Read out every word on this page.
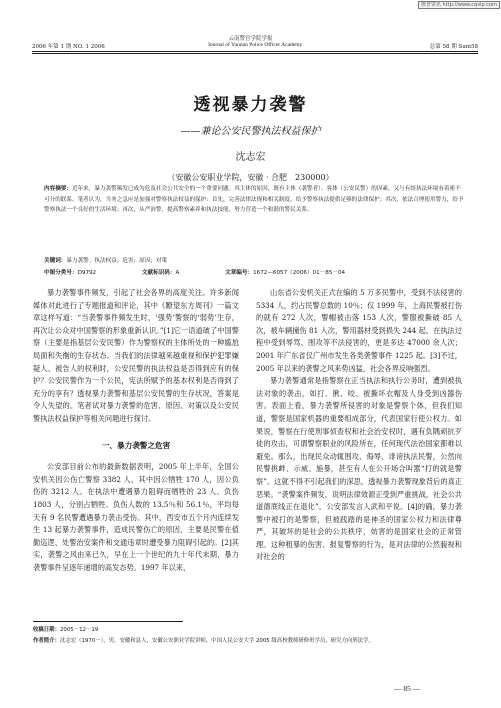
维普资讯 http://www.cqvip.com
云南警官学院学报
Journal of Yunnan Police Officer Academy
2006 年第 1 期 NO. 1 2006	总第 58 期 Sum58
透视暴力袭警
——兼论公安民警执法权益保护
沈志宏
（安徽公安职业学院，安徽 · 合肥　230000）
内容摘要：近年来，暴力袭警频发已成为危及社会公共安全的一个重要问题。其主体的原因，既有主体（袭警者）、客体（公安民警）的因素，又与有组执法环境有着密不可分的联系。笔者认为，当务之急应是加强对警察执法权益的保护：首先，完善法律法规和相关制度，给予警察执法提供足够的法律保护；其次，依法合理使用警力，给予警察执法一个良好的生活环境；再次，从严治警，提高警察素养和执法技能，努力营造一个和谐的警民关系。
关键词：暴力袭警；执法权益；危害；原因；对策
中图分类号：D9792	文献标识码：A	文章编号：1672—6057（2006）01－85－04

暴力袭警事件频发，引起了社会各界的高度关注。许多新闻媒体对此进行了专题报道和评论，其中《瞭望东方周刊》一篇文章这样写道：“当袭警事件频发生时，‘强势’警察的‘弱势’生存，再次让公众对中国警察的形象重新认识。”[1]它一语道破了中国警察（主要是指基层公安民警）作为警察权的主体所处的一种尴尬局面和失衡的生存状态。当我们的法律越来越重视和保护犯罪嫌疑人、被告人的权利时，公安民警的执法权益是否得到应有的保护？公安民警作为一个公民，宪法所赋予的基本权利是否得到了充分的享有？透视暴力袭警和基层公安民警的生存状况，答案是令人失望的。笔者试对暴力袭警的危害、原因、对策以及公安民警执法权益保护等相关问题进行探讨。

一、暴力袭警之危害

公安部目前公布的最新数据表明，2005 年上半年，全国公安机关因公伤亡警察 3382 人，其中因公牺牲 170 人，因公负伤的 3212 人。在执法中遭遇暴力阻碍而牺牲的 23 人、负伤 1803 人，分别占牺牲、负伤人数的 13.5％和 56.1％，平均每天有 9 名民警遭遇暴力袭击受伤。其中，西安市五个月内连续发生 13 起暴力袭警事件，造成民警伤亡的原因，主要是民警在值勤巡逻、处警治安案件和交通违章时遭受暴力阻碍引起的。[2]其实，袭警之风由来已久，早在上一个世纪的九十年代末期，暴力袭警事件呈逐年递增的高发态势。1997 年以来，

山东省公安机关正式在编的 5 万多民警中，受到不法侵害的 5334 人，约占民警总数的 10％；仅 1999 年，上海民警被打伤的就有 272 人次，警帽被击落 153 人次，警服被撕破 85 人次，被车辆撞伤 81 人次，警用器材受到损失 244 起，在执法过程中受到辱骂、围攻等不法侵害的，更是多达 47000 余人次；2001 年广东省仅广州市发生各类袭警事件 1225 起。[3]不过，2005 年以来的袭警之风来势凶猛，社会各界反响强烈。

暴力袭警通常是指警察在正当执法和执行公务时，遭到被执法对象的袭击，如打、揪、咬、被撕坏衣帽及人身受到凶器伤害。表面上看，暴力袭警所侵害的对象是警察个体，但我们知道，警察是国家机器的重要组成部分，代表国家行使公权力。如果说，警察在行使刑事侦查权和社会治安权时，遇有负隅顽抗歹徒的攻击，可谓警察职业的风险所在，任何现代法治国家都难以避免。那么，出现民众动辄围攻、侮辱、诽谤执法民警，公然向民警挑衅、示威、施暴，甚至有人在公开场合叫嚣“打的就是警察”。这就不得不引起我们的深思，透视暴力袭警现象背后的真正恶果。“袭警案件频发，说明法律效源正受到严重挑战，社会公共道德底线正在退化”，公安部发言人武和平说。[4]的确，暴力袭警中被打的是警察，但被践踏的是神圣的国家公权力和法律尊严，其破坏的是社会的公共秩序，妨害的是国家社会的正常管理。这种粗暴的伤害、报复警察的行为，是对法律的公然藐视和对社会的

收稿日期：2005－12－19
作者简介：沈志宏（1970－），男，安徽和县人，安徽公安职业学院讲师，中国人民公安大学 2005 级高校教师研修班学员，研究方向刑法学。
— 85 —
